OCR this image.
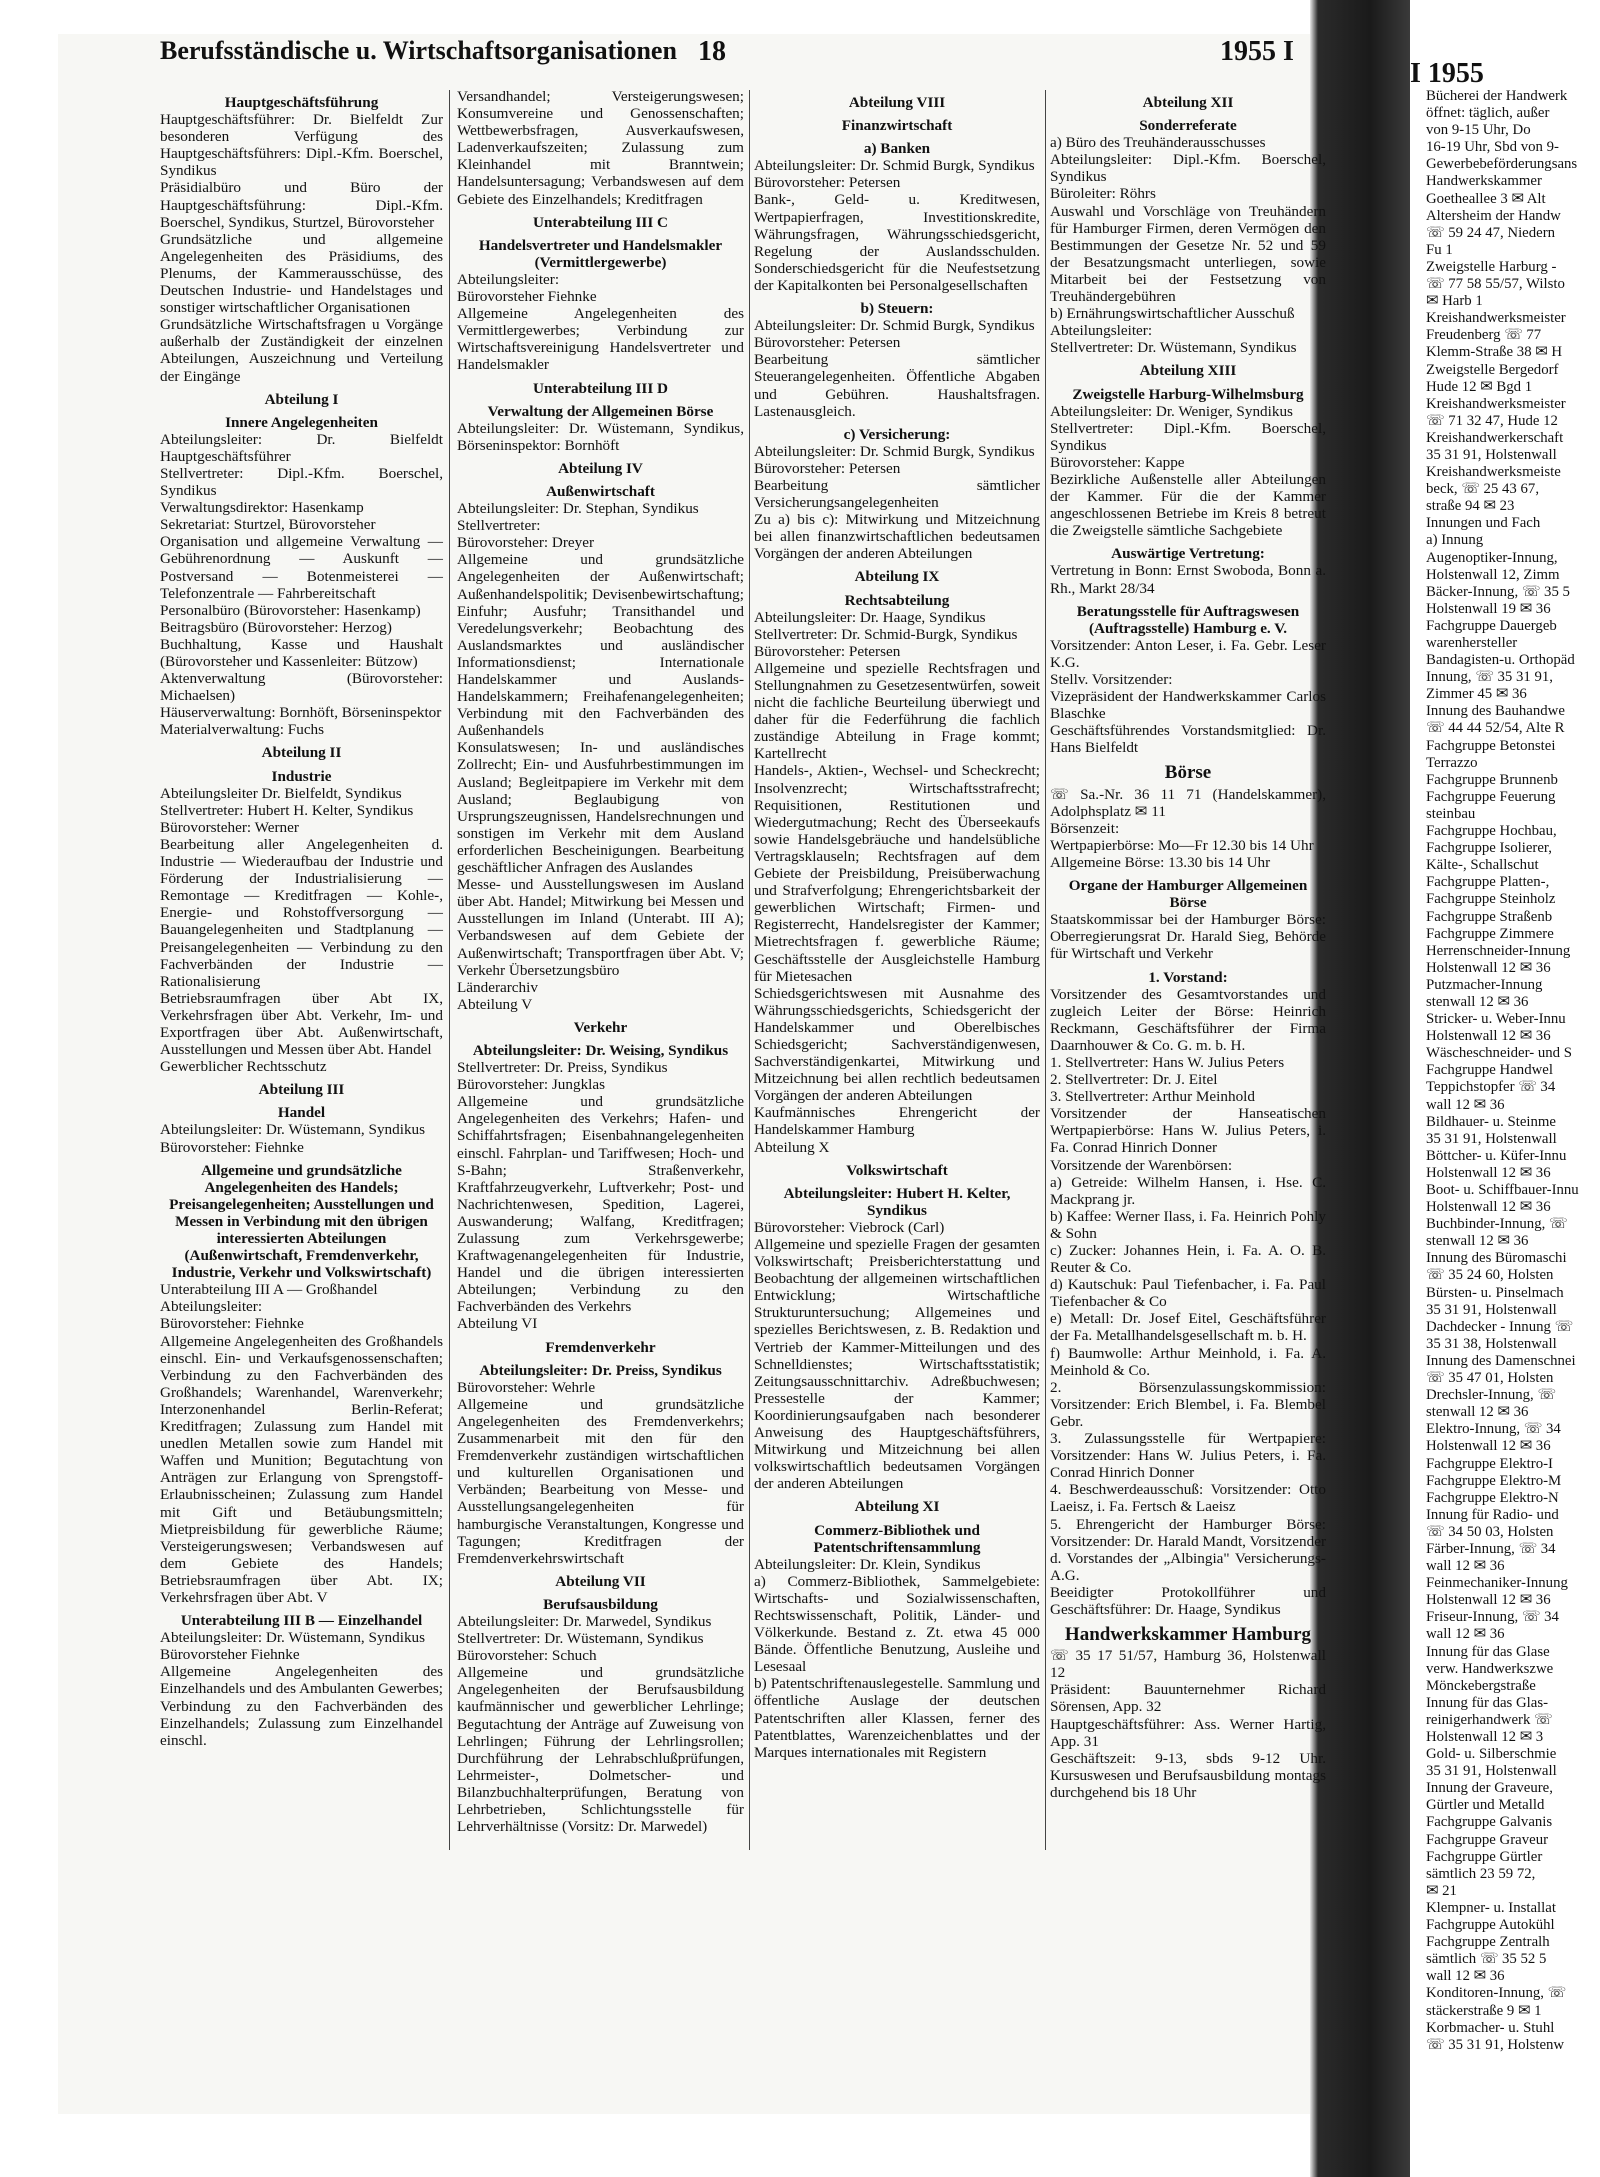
Berufsständische u. Wirtschaftsorganisationen 18	1955 I
I 1955

Hauptgeschäftsführung

Hauptgeschäftsführer: Dr. Bielfeldt Zur besonderen Verfügung des Hauptgeschäftsführers: Dipl.-Kfm. Boerschel, Syndikus

Präsidialbüro und Büro der Hauptgeschäftsführung: Dipl.-Kfm. Boerschel, Syndikus, Sturtzel, Bürovorsteher

Grundsätzliche und allgemeine Angelegenheiten des Präsidiums, des Plenums, der Kammerausschüsse, des Deutschen Industrie- und Handelstages und sonstiger wirtschaftlicher Organisationen

Grundsätzliche Wirtschaftsfragen u Vorgänge außerhalb der Zuständigkeit der einzelnen Abteilungen, Auszeichnung und Verteilung der Eingänge

Abteilung I

Innere Angelegenheiten

Abteilungsleiter: Dr. Bielfeldt Hauptgeschäftsführer

Stellvertreter: Dipl.-Kfm. Boerschel, Syndikus

Verwaltungsdirektor: Hasenkamp

Sekretariat: Sturtzel, Bürovorsteher

Organisation und allgemeine Verwaltung — Gebührenordnung — Auskunft — Postversand — Botenmeisterei — Telefonzentrale — Fahrbereitschaft

Personalbüro (Bürovorsteher: Hasenkamp)

Beitragsbüro (Bürovorsteher: Herzog)

Buchhaltung, Kasse und Haushalt (Bürovorsteher und Kassenleiter: Bützow)

Aktenverwaltung (Bürovorsteher: Michaelsen)

Häuserverwaltung: Bornhöft, Börseninspektor

Materialverwaltung: Fuchs

Abteilung II

Industrie

Abteilungsleiter Dr. Bielfeldt, Syndikus

Stellvertreter: Hubert H. Kelter, Syndikus

Bürovorsteher: Werner

Bearbeitung aller Angelegenheiten d. Industrie — Wiederaufbau der Industrie und Förderung der Industrialisierung — Remontage — Kreditfragen — Kohle-, Energie- und Rohstoffversorgung — Bauangelegenheiten und Stadtplanung — Preisangelegenheiten — Verbindung zu den Fachverbänden der Industrie — Rationalisierung

Betriebsraumfragen über Abt IX, Verkehrsfragen über Abt. Verkehr, Im- und Exportfragen über Abt. Außenwirtschaft, Ausstellungen und Messen über Abt. Handel

Gewerblicher Rechtsschutz

Abteilung III

Handel

Abteilungsleiter: Dr. Wüstemann, Syndikus

Bürovorsteher: Fiehnke

Allgemeine und grundsätzliche Angelegenheiten des Handels; Preisangelegenheiten; Ausstellungen und Messen in Verbindung mit den übrigen interessierten Abteilungen (Außenwirtschaft, Fremdenverkehr, Industrie, Verkehr und Volkswirtschaft)

Unterabteilung III A — Großhandel

Abteilungsleiter:

Bürovorsteher: Fiehnke

Allgemeine Angelegenheiten des Großhandels einschl. Ein- und Verkaufsgenossenschaften; Verbindung zu den Fachverbänden des Großhandels; Warenhandel, Warenverkehr; Interzonenhandel Berlin-Referat; Kreditfragen; Zulassung zum Handel mit unedlen Metallen sowie zum Handel mit Waffen und Munition; Begutachtung von Anträgen zur Erlangung von Sprengstoff-Erlaubnisscheinen; Zulassung zum Handel mit Gift und Betäubungsmitteln; Mietpreisbildung für gewerbliche Räume; Versteigerungswesen; Verbandswesen auf dem Gebiete des Handels; Betriebsraumfragen über Abt. IX; Verkehrsfragen über Abt. V

Unterabteilung III B — Einzelhandel

Abteilungsleiter: Dr. Wüstemann, Syndikus

Bürovorsteher Fiehnke

Allgemeine Angelegenheiten des Einzelhandels und des Ambulanten Gewerbes; Verbindung zu den Fachverbänden des Einzelhandels; Zulassung zum Einzelhandel einschl.

Versandhandel; Versteigerungswesen; Konsumvereine und Genossenschaften; Wettbewerbsfragen, Ausverkaufswesen, Ladenverkaufszeiten; Zulassung zum Kleinhandel mit Branntwein; Handelsuntersagung; Verbandswesen auf dem Gebiete des Einzelhandels; Kreditfragen

Unterabteilung III C

Handelsvertreter und Handelsmakler (Vermittlergewerbe)

Abteilungsleiter:

Bürovorsteher Fiehnke

Allgemeine Angelegenheiten des Vermittlergewerbes; Verbindung zur Wirtschaftsvereinigung Handelsvertreter und Handelsmakler

Unterabteilung III D

Verwaltung der Allgemeinen Börse

Abteilungsleiter: Dr. Wüstemann, Syndikus, Börseninspektor: Bornhöft

Abteilung IV

Außenwirtschaft

Abteilungsleiter: Dr. Stephan, Syndikus

Stellvertreter:

Bürovorsteher: Dreyer

Allgemeine und grundsätzliche Angelegenheiten der Außenwirtschaft; Außenhandelspolitik; Devisenbewirtschaftung; Einfuhr; Ausfuhr; Transithandel und Veredelungsverkehr; Beobachtung des Auslandsmarktes und ausländischer Informationsdienst; Internationale Handelskammer und Auslands-Handelskammern; Freihafenangelegenheiten; Verbindung mit den Fachverbänden des Außenhandels

Konsulatswesen; In- und ausländisches Zollrecht; Ein- und Ausfuhrbestimmungen im Ausland; Begleitpapiere im Verkehr mit dem Ausland; Beglaubigung von Ursprungszeugnissen, Handelsrechnungen und sonstigen im Verkehr mit dem Ausland erforderlichen Bescheinigungen. Bearbeitung geschäftlicher Anfragen des Auslandes

Messe- und Ausstellungswesen im Ausland über Abt. Handel; Mitwirkung bei Messen und Ausstellungen im Inland (Unterabt. III A); Verbandswesen auf dem Gebiete der Außenwirtschaft; Transportfragen über Abt. V; Verkehr Übersetzungsbüro

Länderarchiv

Abteilung V

Verkehr

Abteilungsleiter: Dr. Weising, Syndikus

Stellvertreter: Dr. Preiss, Syndikus

Bürovorsteher: Jungklas

Allgemeine und grundsätzliche Angelegenheiten des Verkehrs; Hafen- und Schiffahrtsfragen; Eisenbahnangelegenheiten einschl. Fahrplan- und Tariffwesen; Hoch- und S-Bahn; Straßenverkehr, Kraftfahrzeugverkehr, Luftverkehr; Post- und Nachrichtenwesen, Spedition, Lagerei, Auswanderung; Walfang, Kreditfragen; Zulassung zum Verkehrsgewerbe; Kraftwagenangelegenheiten für Industrie, Handel und die übrigen interessierten Abteilungen; Verbindung zu den Fachverbänden des Verkehrs

Abteilung VI

Fremdenverkehr

Abteilungsleiter: Dr. Preiss, Syndikus

Bürovorsteher: Wehrle

Allgemeine und grundsätzliche Angelegenheiten des Fremdenverkehrs; Zusammenarbeit mit den für den Fremdenverkehr zuständigen wirtschaftlichen und kulturellen Organisationen und Verbänden; Bearbeitung von Messe- und Ausstellungsangelegenheiten für hamburgische Veranstaltungen, Kongresse und Tagungen; Kreditfragen der Fremdenverkehrswirtschaft

Abteilung VII

Berufsausbildung

Abteilungsleiter: Dr. Marwedel, Syndikus

Stellvertreter: Dr. Wüstemann, Syndikus

Bürovorsteher: Schuch

Allgemeine und grundsätzliche Angelegenheiten der Berufsausbildung kaufmännischer und gewerblicher Lehrlinge; Begutachtung der Anträge auf Zuweisung von Lehrlingen; Führung der Lehrlingsrollen; Durchführung der Lehrabschlußprüfungen, Lehrmeister-, Dolmetscher- und Bilanzbuchhalterprüfungen, Beratung von Lehrbetrieben, Schlichtungsstelle für Lehrverhältnisse (Vorsitz: Dr. Marwedel)

Abteilung VIII

Finanzwirtschaft

a) Banken

Abteilungsleiter: Dr. Schmid Burgk, Syndikus

Bürovorsteher: Petersen

Bank-, Geld- u. Kreditwesen, Wertpapierfragen, Investitionskredite, Währungsfragen, Währungsschiedsgericht, Regelung der Auslandsschulden. Sonderschiedsgericht für die Neufestsetzung der Kapitalkonten bei Personalgesellschaften

b) Steuern:

Abteilungsleiter: Dr. Schmid Burgk, Syndikus

Bürovorsteher: Petersen

Bearbeitung sämtlicher Steuerangelegenheiten. Öffentliche Abgaben und Gebühren. Haushaltsfragen. Lastenausgleich.

c) Versicherung:

Abteilungsleiter: Dr. Schmid Burgk, Syndikus

Bürovorsteher: Petersen

Bearbeitung sämtlicher Versicherungsangelegenheiten

Zu a) bis c): Mitwirkung und Mitzeichnung bei allen finanzwirtschaftlichen bedeutsamen Vorgängen der anderen Abteilungen

Abteilung IX

Rechtsabteilung

Abteilungsleiter: Dr. Haage, Syndikus

Stellvertreter: Dr. Schmid-Burgk, Syndikus

Bürovorsteher: Petersen

Allgemeine und spezielle Rechtsfragen und Stellungnahmen zu Gesetzesentwürfen, soweit nicht die fachliche Beurteilung überwiegt und daher für die Federführung die fachlich zuständige Abteilung in Frage kommt; Kartellrecht

Handels-, Aktien-, Wechsel- und Scheckrecht; Insolvenzrecht; Wirtschaftsstrafrecht; Requisitionen, Restitutionen und Wiedergutmachung; Recht des Überseekaufs sowie Handelsgebräuche und handelsübliche Vertragsklauseln; Rechtsfragen auf dem Gebiete der Preisbildung, Preisüberwachung und Strafverfolgung; Ehrengerichtsbarkeit der gewerblichen Wirtschaft; Firmen- und Registerrecht, Handelsregister der Kammer; Mietrechtsfragen f. gewerbliche Räume; Geschäftsstelle der Ausgleichstelle Hamburg für Mietesachen

Schiedsgerichtswesen mit Ausnahme des Währungsschiedsgerichts, Schiedsgericht der Handelskammer und Oberelbisches Schiedsgericht; Sachverständigenwesen, Sachverständigenkartei, Mitwirkung und Mitzeichnung bei allen rechtlich bedeutsamen Vorgängen der anderen Abteilungen

Kaufmännisches Ehrengericht der Handelskammer Hamburg

Abteilung X

Volkswirtschaft

Abteilungsleiter: Hubert H. Kelter, Syndikus

Bürovorsteher: Viebrock (Carl)

Allgemeine und spezielle Fragen der gesamten Volkswirtschaft; Preisberichterstattung und Beobachtung der allgemeinen wirtschaftlichen Entwicklung; Wirtschaftliche Strukturuntersuchung; Allgemeines und spezielles Berichtswesen, z. B. Redaktion und Vertrieb der Kammer-Mitteilungen und des Schnelldienstes; Wirtschaftsstatistik; Zeitungsausschnittarchiv. Adreßbuchwesen; Pressestelle der Kammer; Koordinierungsaufgaben nach besonderer Anweisung des Hauptgeschäftsführers, Mitwirkung und Mitzeichnung bei allen volkswirtschaftlich bedeutsamen Vorgängen der anderen Abteilungen

Abteilung XI

Commerz-Bibliothek und Patentschriftensammlung

Abteilungsleiter: Dr. Klein, Syndikus

a) Commerz-Bibliothek, Sammelgebiete: Wirtschafts- und Sozialwissenschaften, Rechtswissenschaft, Politik, Länder- und Völkerkunde. Bestand z. Zt. etwa 45 000 Bände. Öffentliche Benutzung, Ausleihe und Lesesaal

b) Patentschriftenauslegestelle. Sammlung und öffentliche Auslage der deutschen Patentschriften aller Klassen, ferner des Patentblattes, Warenzeichenblattes und der Marques internationales mit Registern

Abteilung XII

Sonderreferate

a) Büro des Treuhänderausschusses

Abteilungsleiter: Dipl.-Kfm. Boerschel, Syndikus

Büroleiter: Röhrs

Auswahl und Vorschläge von Treuhändern für Hamburger Firmen, deren Vermögen den Bestimmungen der Gesetze Nr. 52 und 59 der Besatzungsmacht unterliegen, sowie Mitarbeit bei der Festsetzung von Treuhändergebühren

b) Ernährungswirtschaftlicher Ausschuß

Abteilungsleiter:

Stellvertreter: Dr. Wüstemann, Syndikus

Abteilung XIII

Zweigstelle Harburg-Wilhelmsburg

Abteilungsleiter: Dr. Weniger, Syndikus

Stellvertreter: Dipl.-Kfm. Boerschel, Syndikus

Bürovorsteher: Kappe

Bezirkliche Außenstelle aller Abteilungen der Kammer. Für die der Kammer angeschlossenen Betriebe im Kreis 8 betreut die Zweigstelle sämtliche Sachgebiete

Auswärtige Vertretung:

Vertretung in Bonn: Ernst Swoboda, Bonn a. Rh., Markt 28/34

Beratungsstelle für Auftragswesen (Auftragsstelle) Hamburg e. V.

Vorsitzender: Anton Leser, i. Fa. Gebr. Leser K.G.

Stellv. Vorsitzender:

Vizepräsident der Handwerkskammer Carlos Blaschke

Geschäftsführendes Vorstandsmitglied: Dr. Hans Bielfeldt

Börse

☏ Sa.-Nr. 36 11 71 (Handelskammer), Adolphsplatz ✉ 11

Börsenzeit:

Wertpapierbörse: Mo—Fr 12.30 bis 14 Uhr

Allgemeine Börse: 13.30 bis 14 Uhr

Organe der Hamburger Allgemeinen Börse

Staatskommissar bei der Hamburger Börse: Oberregierungsrat Dr. Harald Sieg, Behörde für Wirtschaft und Verkehr

1. Vorstand:

Vorsitzender des Gesamtvorstandes und zugleich Leiter der Börse: Heinrich Reckmann, Geschäftsführer der Firma Daarnhouwer & Co. G. m. b. H.

1. Stellvertreter: Hans W. Julius Peters

2. Stellvertreter: Dr. J. Eitel

3. Stellvertreter: Arthur Meinhold

Vorsitzender der Hanseatischen Wertpapierbörse: Hans W. Julius Peters, i. Fa. Conrad Hinrich Donner

Vorsitzende der Warenbörsen:

a) Getreide: Wilhelm Hansen, i. Hse. C. Mackprang jr.

b) Kaffee: Werner Ilass, i. Fa. Heinrich Pohly & Sohn

c) Zucker: Johannes Hein, i. Fa. A. O. B. Reuter & Co.

d) Kautschuk: Paul Tiefenbacher, i. Fa. Paul Tiefenbacher & Co

e) Metall: Dr. Josef Eitel, Geschäftsführer der Fa. Metallhandelsgesellschaft m. b. H.

f) Baumwolle: Arthur Meinhold, i. Fa. A. Meinhold & Co.

2. Börsenzulassungskommission: Vorsitzender: Erich Blembel, i. Fa. Blembel Gebr.

3. Zulassungsstelle für Wertpapiere: Vorsitzender: Hans W. Julius Peters, i. Fa. Conrad Hinrich Donner

4. Beschwerdeausschuß: Vorsitzender: Otto Laeisz, i. Fa. Fertsch & Laeisz

5. Ehrengericht der Hamburger Börse: Vorsitzender: Dr. Harald Mandt, Vorsitzender d. Vorstandes der „Albingia" Versicherungs-A.G.

Beeidigter Protokollführer und Geschäftsführer: Dr. Haage, Syndikus

Handwerkskammer Hamburg

☏ 35 17 51/57, Hamburg 36, Holstenwall 12

Präsident: Bauunternehmer Richard Sörensen, App. 32

Hauptgeschäftsführer: Ass. Werner Hartig, App. 31

Geschäftszeit: 9-13, sbds 9-12 Uhr. Kursuswesen und Berufsausbildung montags durchgehend bis 18 Uhr

Bücherei der Handwerk

öffnet: täglich, außer

von 9-15 Uhr, Do

16-19 Uhr, Sbd von 9-

Gewerbebeförderungsans

Handwerkskammer

Goetheallee 3 ✉ Alt

Altersheim der Handw

☏ 59 24 47, Niedern

Fu 1

Zweigstelle Harburg -

☏ 77 58 55/57, Wilsto

✉ Harb 1

Kreishandwerksmeister

Freudenberg ☏ 77

Klemm-Straße 38 ✉ H

Zweigstelle Bergedorf

Hude 12 ✉ Bgd 1

Kreishandwerksmeister

☏ 71 32 47, Hude 12

Kreishandwerkerschaft

35 31 91, Holstenwall

Kreishandwerksmeiste

beck, ☏ 25 43 67,

straße 94 ✉ 23

Innungen und Fach

a) Innung

Augenoptiker-Innung,

Holstenwall 12, Zimm

Bäcker-Innung, ☏ 35 5

Holstenwall 19 ✉ 36

Fachgruppe Dauergeb

warenhersteller

Bandagisten-u. Orthopäd

Innung, ☏ 35 31 91,

Zimmer 45 ✉ 36

Innung des Bauhandwe

☏ 44 44 52/54, Alte R

Fachgruppe Betonstei

Terrazzo

Fachgruppe Brunnenb

Fachgruppe Feuerung

steinbau

Fachgruppe Hochbau,

Fachgruppe Isolierer,

Kälte-, Schallschut

Fachgruppe Platten-,

Fachgruppe Steinholz

Fachgruppe Straßenb

Fachgruppe Zimmere

Herrenschneider-Innung

Holstenwall 12 ✉ 36

Putzmacher-Innung

stenwall 12 ✉ 36

Stricker- u. Weber-Innu

Holstenwall 12 ✉ 36

Wäscheschneider- und S

Fachgruppe Handwel

Teppichstopfer ☏ 34

wall 12 ✉ 36

Bildhauer- u. Steinme

35 31 91, Holstenwall

Böttcher- u. Küfer-Innu

Holstenwall 12 ✉ 36

Boot- u. Schiffbauer-Innu

Holstenwall 12 ✉ 36

Buchbinder-Innung, ☏

stenwall 12 ✉ 36

Innung des Büromaschi

☏ 35 24 60, Holsten

Bürsten- u. Pinselmach

35 31 91, Holstenwall

Dachdecker - Innung ☏

35 31 38, Holstenwall

Innung des Damenschnei

☏ 35 47 01, Holsten

Drechsler-Innung, ☏

stenwall 12 ✉ 36

Elektro-Innung, ☏ 34

Holstenwall 12 ✉ 36

Fachgruppe Elektro-I

Fachgruppe Elektro-M

Fachgruppe Elektro-N

Innung für Radio- und

☏ 34 50 03, Holsten

Färber-Innung, ☏ 34

wall 12 ✉ 36

Feinmechaniker-Innung

Holstenwall 12 ✉ 36

Friseur-Innung, ☏ 34

wall 12 ✉ 36

Innung für das Glase

verw. Handwerkszwe

Mönckebergstraße

Innung für das Glas-

reinigerhandwerk ☏

Holstenwall 12 ✉ 3

Gold- u. Silberschmie

35 31 91, Holstenwall

Innung der Graveure,

Gürtler und Metalld

Fachgruppe Galvanis

Fachgruppe Graveur

Fachgruppe Gürtler

sämtlich 23 59 72,

✉ 21

Klempner- u. Installat

Fachgruppe Autokühl

Fachgruppe Zentralh

sämtlich ☏ 35 52 5

wall 12 ✉ 36

Konditoren-Innung, ☏

stäckerstraße 9 ✉ 1

Korbmacher- u. Stuhl

☏ 35 31 91, Holstenw
